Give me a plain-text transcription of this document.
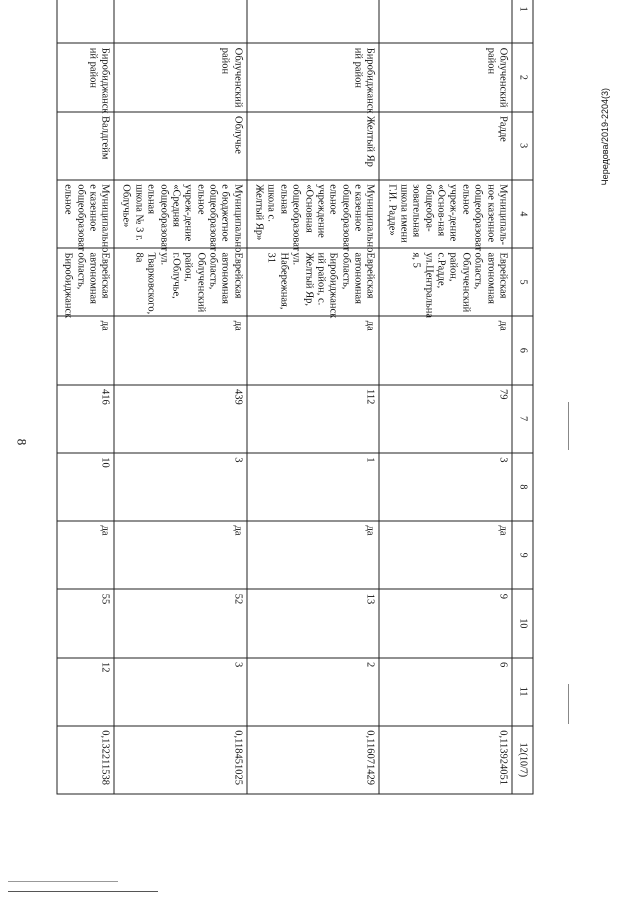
8
Чередова/2019-2204(3)
1	2	3	4	5	6	7	8	9	10	11	12(10/7)
	Облученский район	Радде	Муниципаль-ное казенное общеобразоват ельное учреж-дение «Основ-ная общеобра-зовательная школа имени Г.И. Радде»	Еврейская автономная область, Облученский район, с.Радде, ул.Центральна я, 5	да	79	3	да	9	6	0,113924051
	Биробиджанск ий район	Желтый Яр	Муниципально е казенное общеобразоват ельное учреждение «Основная общеобразоват ельная школа с. Желтый Яр»	Еврейская автономная область, Биробиджанск ий район, с. Желтый Яр, ул. Набережная, 31	да	112	1	да	13	2	0,116071429
	Облученский район	Облучье	Муниципально е бюджетное общеобразоват ельное учреж-дение «Средняя общеобразоват ельная школа № 3 г. Облучье»	Еврейская автономная область, Облученский район, г.Облучье, ул. Тварковского, 8а	да	439	3	да	52	3	0,118451025
	Биробиджанск ий район	Валдгейм	Муниципально е казенное общеобразоват ельное	Еврейская автономная область, Биробиджанск	да	416	10	да	55	12	0,132211538
